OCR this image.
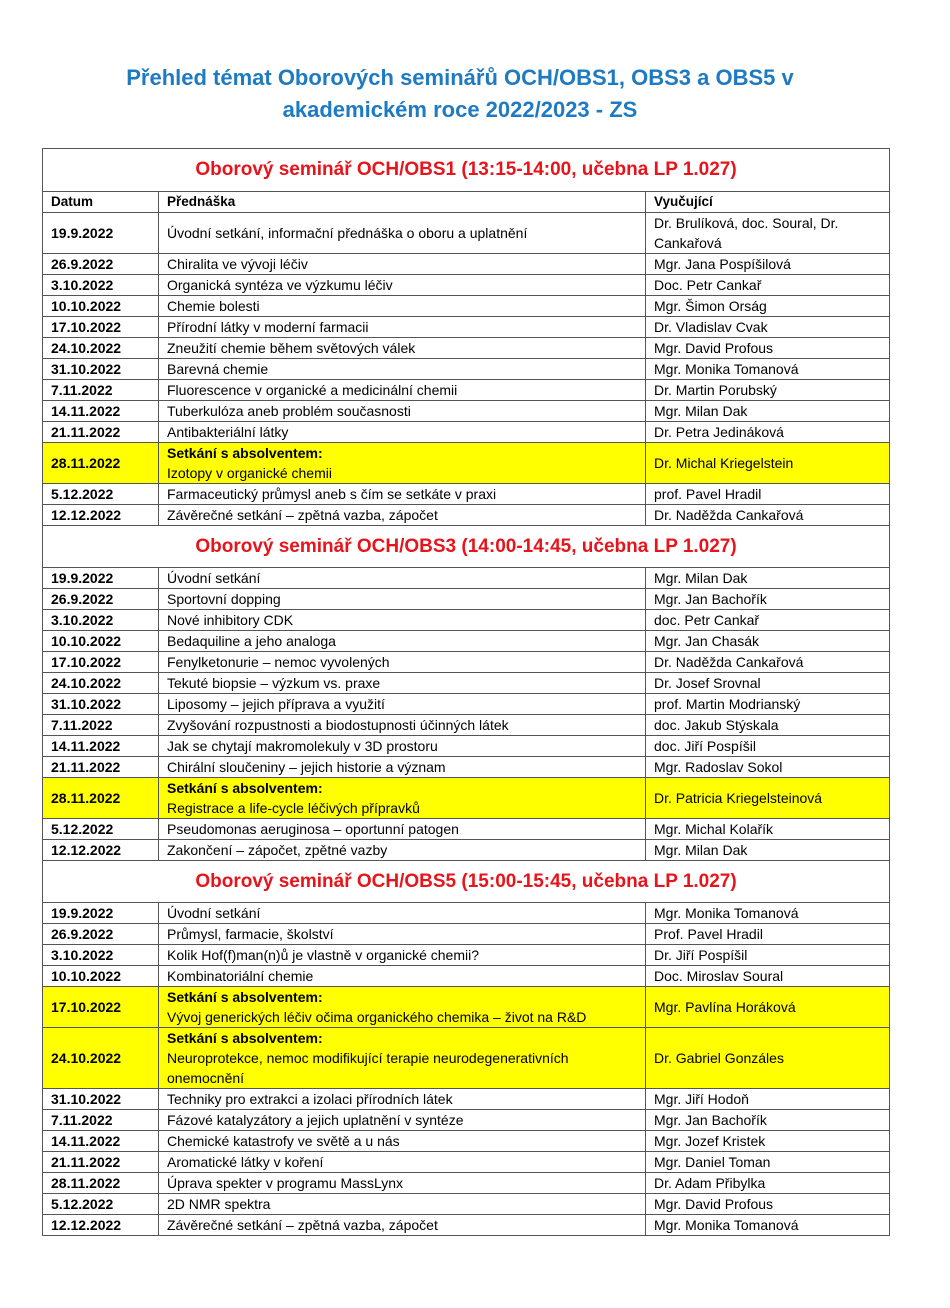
Přehled témat Oborových seminářů OCH/OBS1, OBS3 a OBS5 v
akademickém roce 2022/2023 - ZS
Oborový seminář OCH/OBS1 (13:15-14:00, učebna LP 1.027)		
Datum	Přednáška	Vyučující
19.9.2022	Úvodní setkání, informační přednáška o oboru a uplatnění	Dr. Brulíková, doc. Soural, Dr. Cankařová
26.9.2022	Chiralita ve vývoji léčiv	Mgr. Jana Pospíšilová
3.10.2022	Organická syntéza ve výzkumu léčiv	Doc. Petr Cankař
10.10.2022	Chemie bolesti	Mgr. Šimon Orság
17.10.2022	Přírodní látky v moderní farmacii	Dr. Vladislav Cvak
24.10.2022	Zneužití chemie během světových válek	Mgr. David Profous
31.10.2022	Barevná chemie	Mgr. Monika Tomanová
7.11.2022	Fluorescence v organické a medicinální chemii	Dr. Martin Porubský
14.11.2022	Tuberkulóza aneb problém současnosti	Mgr. Milan Dak
21.11.2022	Antibakteriální látky	Dr. Petra Jedináková
28.11.2022	Setkání s absolventem:
Izotopy v organické chemii	Dr. Michal Kriegelstein
5.12.2022	Farmaceutický průmysl aneb s čím se setkáte v praxi	prof. Pavel Hradil
12.12.2022	Závěrečné setkání – zpětná vazba, zápočet	Dr. Naděžda Cankařová
Oborový seminář OCH/OBS3 (14:00-14:45, učebna LP 1.027)		
19.9.2022	Úvodní setkání	Mgr. Milan Dak
26.9.2022	Sportovní dopping	Mgr. Jan Bachořík
3.10.2022	Nové inhibitory CDK	doc. Petr Cankař
10.10.2022	Bedaquiline a jeho analoga	Mgr. Jan Chasák
17.10.2022	Fenylketonurie – nemoc vyvolených	Dr. Naděžda Cankařová
24.10.2022	Tekuté biopsie – výzkum vs. praxe	Dr. Josef Srovnal
31.10.2022	Liposomy – jejich příprava a využití	prof. Martin Modrianský
7.11.2022	Zvyšování rozpustnosti a biodostupnosti účinných látek	doc. Jakub Stýskala
14.11.2022	Jak se chytají makromolekuly v 3D prostoru	doc. Jiří Pospíšil
21.11.2022	Chirální sloučeniny – jejich historie a význam	Mgr. Radoslav Sokol
28.11.2022	Setkání s absolventem:
Registrace a life-cycle léčivých přípravků	Dr. Patricia Kriegelsteinová
5.12.2022	Pseudomonas aeruginosa – oportunní patogen	Mgr. Michal Kolařík
12.12.2022	Zakončení – zápočet, zpětné vazby	Mgr. Milan Dak
Oborový seminář OCH/OBS5 (15:00-15:45, učebna LP 1.027)		
19.9.2022	Úvodní setkání	Mgr. Monika Tomanová
26.9.2022	Průmysl, farmacie, školství	Prof. Pavel Hradil
3.10.2022	Kolik Hof(f)man(n)ů je vlastně v organické chemii?	Dr. Jiří Pospíšil
10.10.2022	Kombinatoriální chemie	Doc. Miroslav Soural
17.10.2022	Setkání s absolventem:
Vývoj generických léčiv očima organického chemika – život na R&D	Mgr. Pavlína Horáková
24.10.2022	Setkání s absolventem:
Neuroprotekce, nemoc modifikující terapie neurodegenerativních onemocnění	Dr. Gabriel Gonzáles
31.10.2022	Techniky pro extrakci a izolaci přírodních látek	Mgr. Jiří Hodoň
7.11.2022	Fázové katalyzátory a jejich uplatnění v syntéze	Mgr. Jan Bachořík
14.11.2022	Chemické katastrofy ve světě a u nás	Mgr. Jozef Kristek
21.11.2022	Aromatické látky v koření	Mgr. Daniel Toman
28.11.2022	Úprava spekter v programu MassLynx	Dr. Adam Přibylka
5.12.2022	2D NMR spektra	Mgr. David Profous
12.12.2022	Závěrečné setkání – zpětná vazba, zápočet	Mgr. Monika Tomanová
